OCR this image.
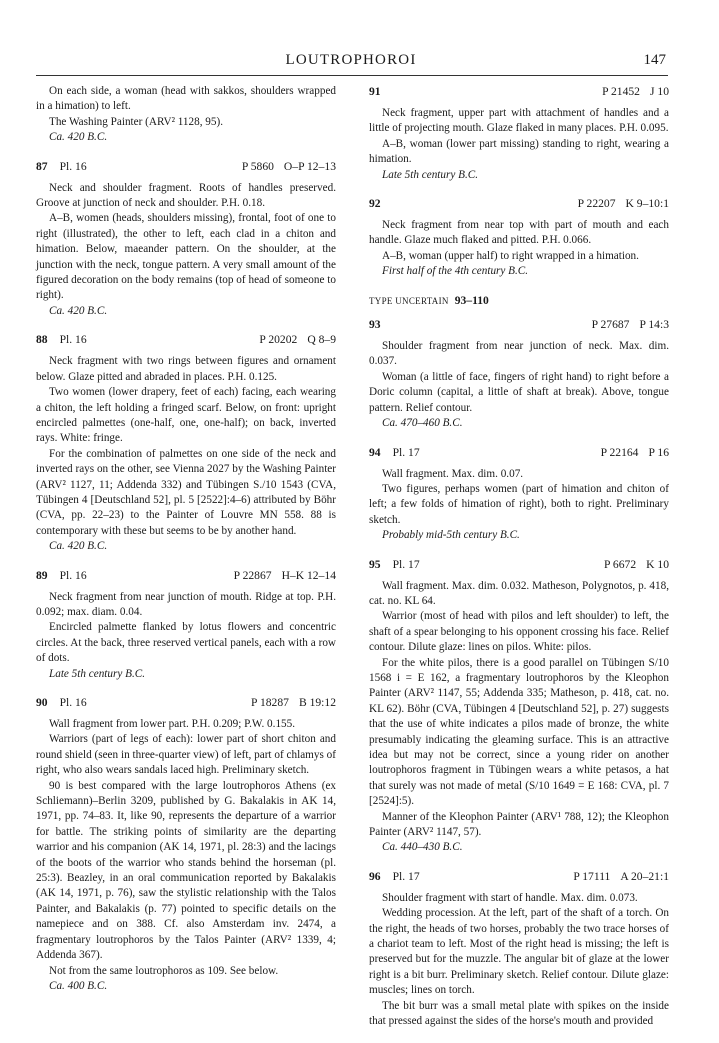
LOUTROPHOROI	147

On each side, a woman (head with sakkos, shoulders wrapped in a himation) to left.

The Washing Painter (ARV² 1128, 95).

Ca. 420 B.C.

87 Pl. 16	P 5860 O–P 12–13

Neck and shoulder fragment. Roots of handles preserved. Groove at junction of neck and shoulder. P.H. 0.18.

A–B, women (heads, shoulders missing), frontal, foot of one to right (illustrated), the other to left, each clad in a chiton and himation. Below, maeander pattern. On the shoulder, at the junction with the neck, tongue pattern. A very small amount of the figured decoration on the body remains (top of head of someone to right).

Ca. 420 B.C.

88 Pl. 16	P 20202 Q 8–9

Neck fragment with two rings between figures and ornament below. Glaze pitted and abraded in places. P.H. 0.125.

Two women (lower drapery, feet of each) facing, each wearing a chiton, the left holding a fringed scarf. Below, on front: upright encircled palmettes (one-half, one, one-half); on back, inverted rays. White: fringe.

For the combination of palmettes on one side of the neck and inverted rays on the other, see Vienna 2027 by the Washing Painter (ARV² 1127, 11; Addenda 332) and Tübingen S./10 1543 (CVA, Tübingen 4 [Deutschland 52], pl. 5 [2522]:4–6) attributed by Böhr (CVA, pp. 22–23) to the Painter of Louvre MN 558. 88 is contemporary with these but seems to be by another hand.

Ca. 420 B.C.

89 Pl. 16	P 22867 H–K 12–14

Neck fragment from near junction of mouth. Ridge at top. P.H. 0.092; max. diam. 0.04.

Encircled palmette flanked by lotus flowers and concentric circles. At the back, three reserved vertical panels, each with a row of dots.

Late 5th century B.C.

90 Pl. 16	P 18287 B 19:12

Wall fragment from lower part. P.H. 0.209; P.W. 0.155.

Warriors (part of legs of each): lower part of short chiton and round shield (seen in three-quarter view) of left, part of chlamys of right, who also wears sandals laced high. Preliminary sketch.

90 is best compared with the large loutrophoros Athens (ex Schliemann)–Berlin 3209, published by G. Bakalakis in AK 14, 1971, pp. 74–83. It, like 90, represents the departure of a warrior for battle. The striking points of similarity are the departing warrior and his companion (AK 14, 1971, pl. 28:3) and the lacings of the boots of the warrior who stands behind the horseman (pl. 25:3). Beazley, in an oral communication reported by Bakalakis (AK 14, 1971, p. 76), saw the stylistic relationship with the Talos Painter, and Bakalakis (p. 77) pointed to specific details on the namepiece and on 388. Cf. also Amsterdam inv. 2474, a fragmentary loutrophoros by the Talos Painter (ARV² 1339, 4; Addenda 367).

Not from the same loutrophoros as 109. See below.

Ca. 400 B.C.

91	P 21452 J 10

Neck fragment, upper part with attachment of handles and a little of projecting mouth. Glaze flaked in many places. P.H. 0.095.

A–B, woman (lower part missing) standing to right, wearing a himation.

Late 5th century B.C.

92	P 22207 K 9–10:1

Neck fragment from near top with part of mouth and each handle. Glaze much flaked and pitted. P.H. 0.066.

A–B, woman (upper half) to right wrapped in a himation.

First half of the 4th century B.C.

TYPE UNCERTAIN 93–110
93	P 27687 P 14:3

Shoulder fragment from near junction of neck. Max. dim. 0.037.

Woman (a little of face, fingers of right hand) to right before a Doric column (capital, a little of shaft at break). Above, tongue pattern. Relief contour.

Ca. 470–460 B.C.

94 Pl. 17	P 22164 P 16

Wall fragment. Max. dim. 0.07.

Two figures, perhaps women (part of himation and chiton of left; a few folds of himation of right), both to right. Preliminary sketch.

Probably mid-5th century B.C.

95 Pl. 17	P 6672 K 10

Wall fragment. Max. dim. 0.032. Matheson, Polygnotos, p. 418, cat. no. KL 64.

Warrior (most of head with pilos and left shoulder) to left, the shaft of a spear belonging to his opponent crossing his face. Relief contour. Dilute glaze: lines on pilos. White: pilos.

For the white pilos, there is a good parallel on Tübingen S/10 1568 i = E 162, a fragmentary loutrophoros by the Kleophon Painter (ARV² 1147, 55; Addenda 335; Matheson, p. 418, cat. no. KL 62). Böhr (CVA, Tübingen 4 [Deutschland 52], p. 27) suggests that the use of white indicates a pilos made of bronze, the white presumably indicating the gleaming surface. This is an attractive idea but may not be correct, since a young rider on another loutrophoros fragment in Tübingen wears a white petasos, a hat that surely was not made of metal (S/10 1649 = E 168: CVA, pl. 7 [2524]:5).

Manner of the Kleophon Painter (ARV¹ 788, 12); the Kleophon Painter (ARV² 1147, 57).

Ca. 440–430 B.C.

96 Pl. 17	P 17111 A 20–21:1

Shoulder fragment with start of handle. Max. dim. 0.073.

Wedding procession. At the left, part of the shaft of a torch. On the right, the heads of two horses, probably the two trace horses of a chariot team to left. Most of the right head is missing; the left is preserved but for the muzzle. The angular bit of glaze at the lower right is a bit burr. Preliminary sketch. Relief contour. Dilute glaze: muscles; lines on torch.

The bit burr was a small metal plate with spikes on the inside that pressed against the sides of the horse's mouth and provided
